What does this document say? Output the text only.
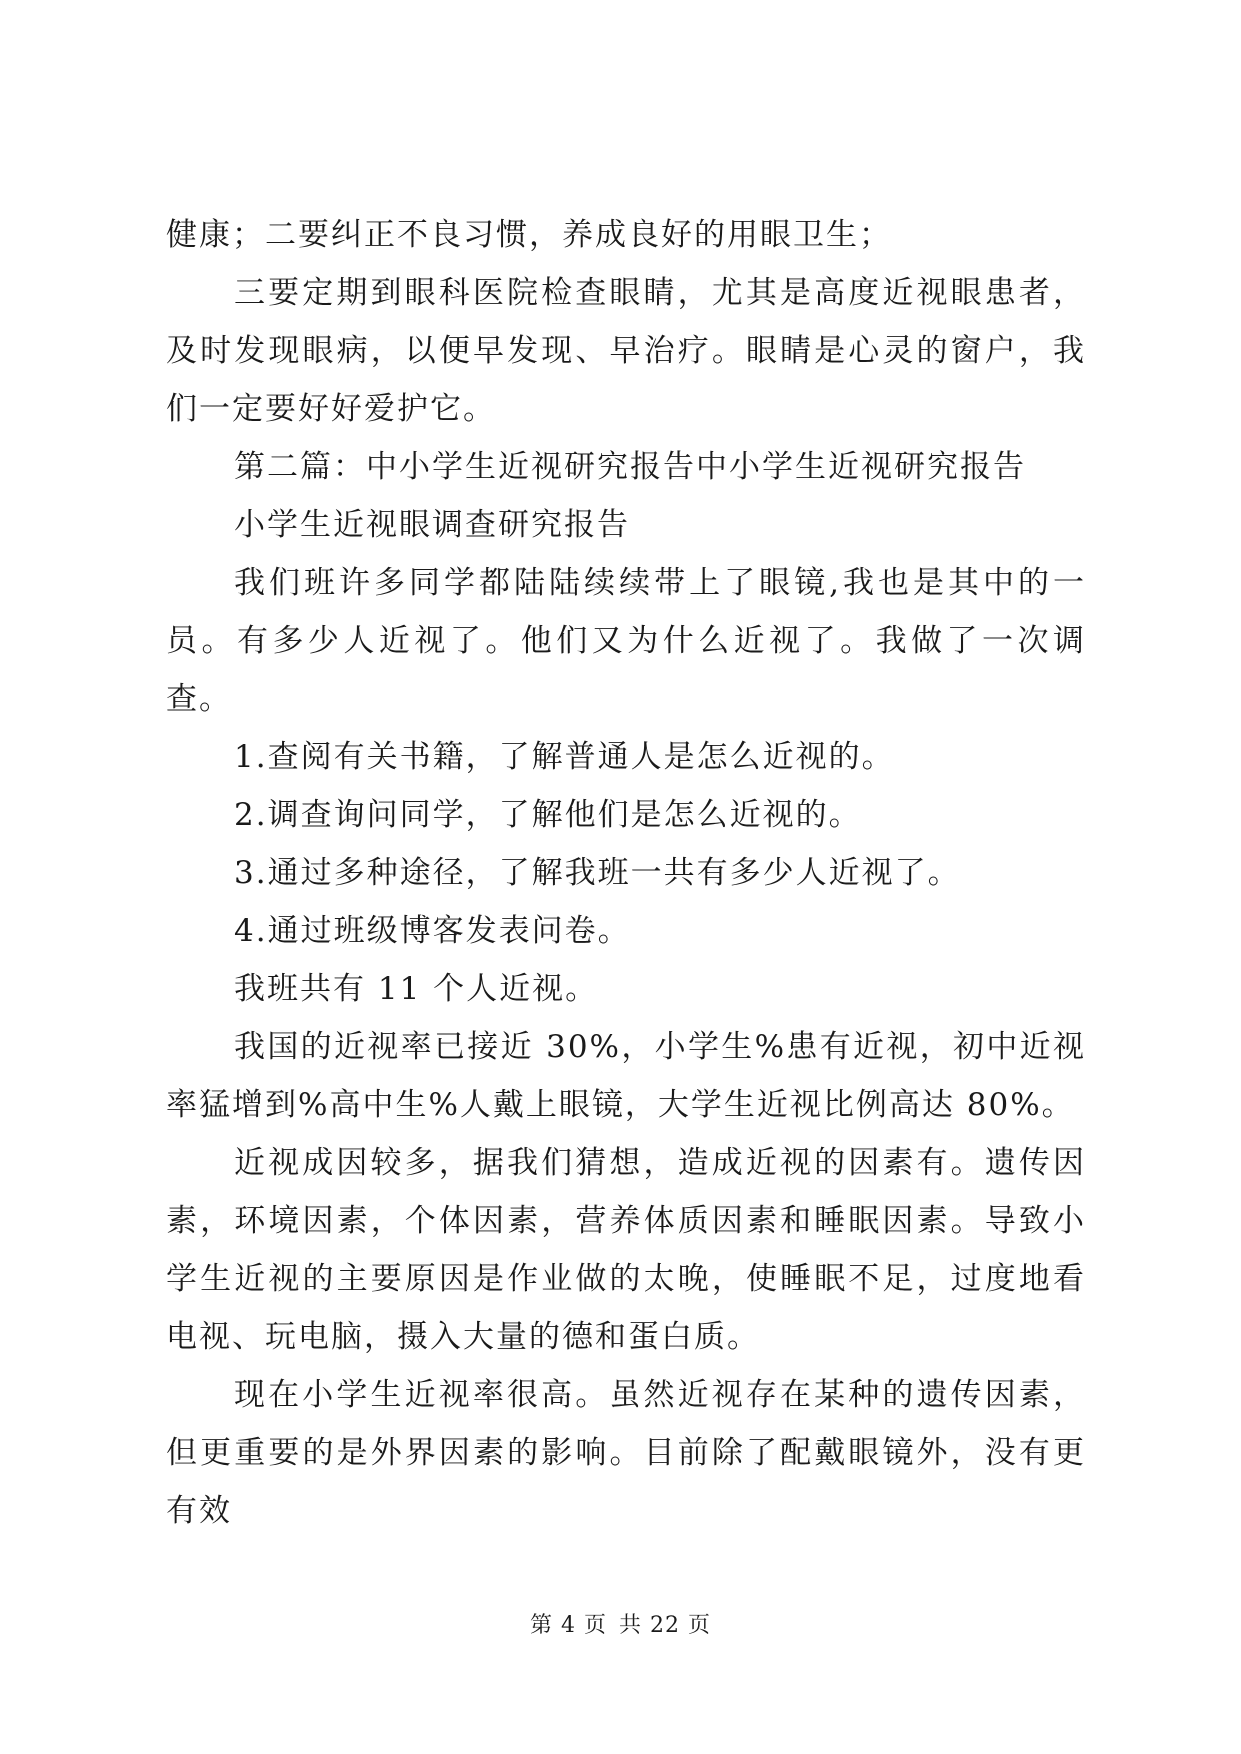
健康；二要纠正不良习惯，养成良好的用眼卫生；

三要定期到眼科医院检查眼睛，尤其是高度近视眼患者，及时发现眼病，以便早发现、早治疗。眼睛是心灵的窗户，我们一定要好好爱护它。

第二篇：中小学生近视研究报告中小学生近视研究报告

小学生近视眼调查研究报告

我们班许多同学都陆陆续续带上了眼镜,我也是其中的一员。有多少人近视了。他们又为什么近视了。我做了一次调查。

1.查阅有关书籍，了解普通人是怎么近视的。

2.调查询问同学，了解他们是怎么近视的。

3.通过多种途径，了解我班一共有多少人近视了。

4.通过班级博客发表问卷。

我班共有 11 个人近视。

我国的近视率已接近 30%，小学生%患有近视，初中近视率猛增到%高中生%人戴上眼镜，大学生近视比例高达 80%。

近视成因较多，据我们猜想，造成近视的因素有。遗传因素，环境因素，个体因素，营养体质因素和睡眠因素。导致小学生近视的主要原因是作业做的太晚，使睡眠不足，过度地看电视、玩电脑，摄入大量的德和蛋白质。

现在小学生近视率很高。虽然近视存在某种的遗传因素，但更重要的是外界因素的影响。目前除了配戴眼镜外，没有更有效

第 4 页 共 22 页
